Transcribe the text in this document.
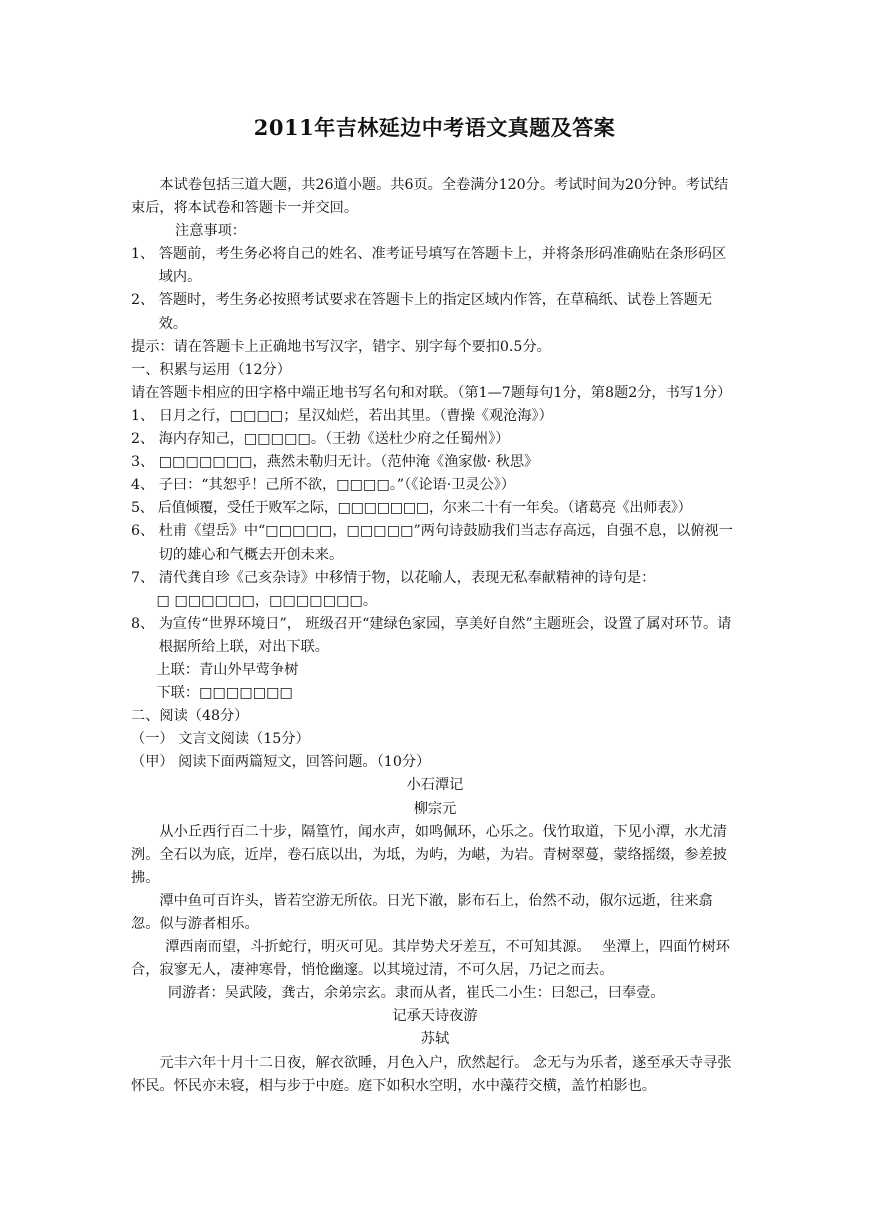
2011年吉林延边中考语文真题及答案

本试卷包括三道大题，共26道小题。共6页。全卷满分120分。考试时间为20分钟。考试结束后，将本试卷和答题卡一并交回。

注意事项：

1、 答题前，考生务必将自己的姓名、准考证号填写在答题卡上，并将条形码准确贴在条形码区域内。

2、 答题时，考生务必按照考试要求在答题卡上的指定区域内作答，在草稿纸、试卷上答题无效。

提示：请在答题卡上正确地书写汉字，错字、别字每个要扣0.5分。

一、积累与运用（12分）

请在答题卡相应的田字格中端正地书写名句和对联。（第1—7题每句1分，第8题2分，书写1分）

1、 日月之行，□□□□；星汉灿烂，若出其里。（曹操《观沧海》）

2、 海内存知己，□□□□□。（王勃《送杜少府之任蜀州》）

3、 □□□□□□□，燕然未勒归无计。（范仲淹《渔家傲· 秋思》

4、 子曰：“其恕乎！己所不欲，□□□□。”（《论语·卫灵公》）

5、 后值倾覆，受任于败军之际，□□□□□□□，尔来二十有一年矣。（诸葛亮《出师表》）

6、 杜甫《望岳》中“□□□□□，□□□□□”两句诗鼓励我们当志存高远，自强不息，以俯视一切的雄心和气概去开创未来。

7、 清代龚自珍《己亥杂诗》中移情于物，以花喻人，表现无私奉献精神的诗句是：

□ □□□□□□，□□□□□□□。

8、 为宣传“世界环境日”， 班级召开“建绿色家园，享美好自然”主题班会，设置了属对环节。请根据所给上联，对出下联。

上联：青山外早莺争树

下联：□□□□□□□

二、阅读（48分）

（一） 文言文阅读（15分）

（甲） 阅读下面两篇短文，回答问题。（10分）

小石潭记

柳宗元

从小丘西行百二十步，隔篁竹，闻水声，如鸣佩环，心乐之。伐竹取道，下见小潭，水尤清洌。全石以为底，近岸，卷石底以出，为坻，为屿，为嵁，为岩。青树翠蔓，蒙络摇缀，参差披拂。

潭中鱼可百许头，皆若空游无所依。日光下澈，影布石上，佁然不动，俶尔远逝，往来翕忽。似与游者相乐。

潭西南而望，斗折蛇行，明灭可见。其岸势犬牙差互，不可知其源。　 坐潭上，四面竹树环合，寂寥无人，凄神寒骨，悄怆幽邃。以其境过清，不可久居，乃记之而去。

同游者：吴武陵，龚古，余弟宗玄。隶而从者，崔氏二小生：曰恕己，曰奉壹。

记承天诗夜游

苏轼

元丰六年十月十二日夜，解衣欲睡，月色入户，欣然起行。 念无与为乐者，遂至承天寺寻张怀民。怀民亦未寝，相与步于中庭。庭下如积水空明，水中藻荇交横，盖竹柏影也。
